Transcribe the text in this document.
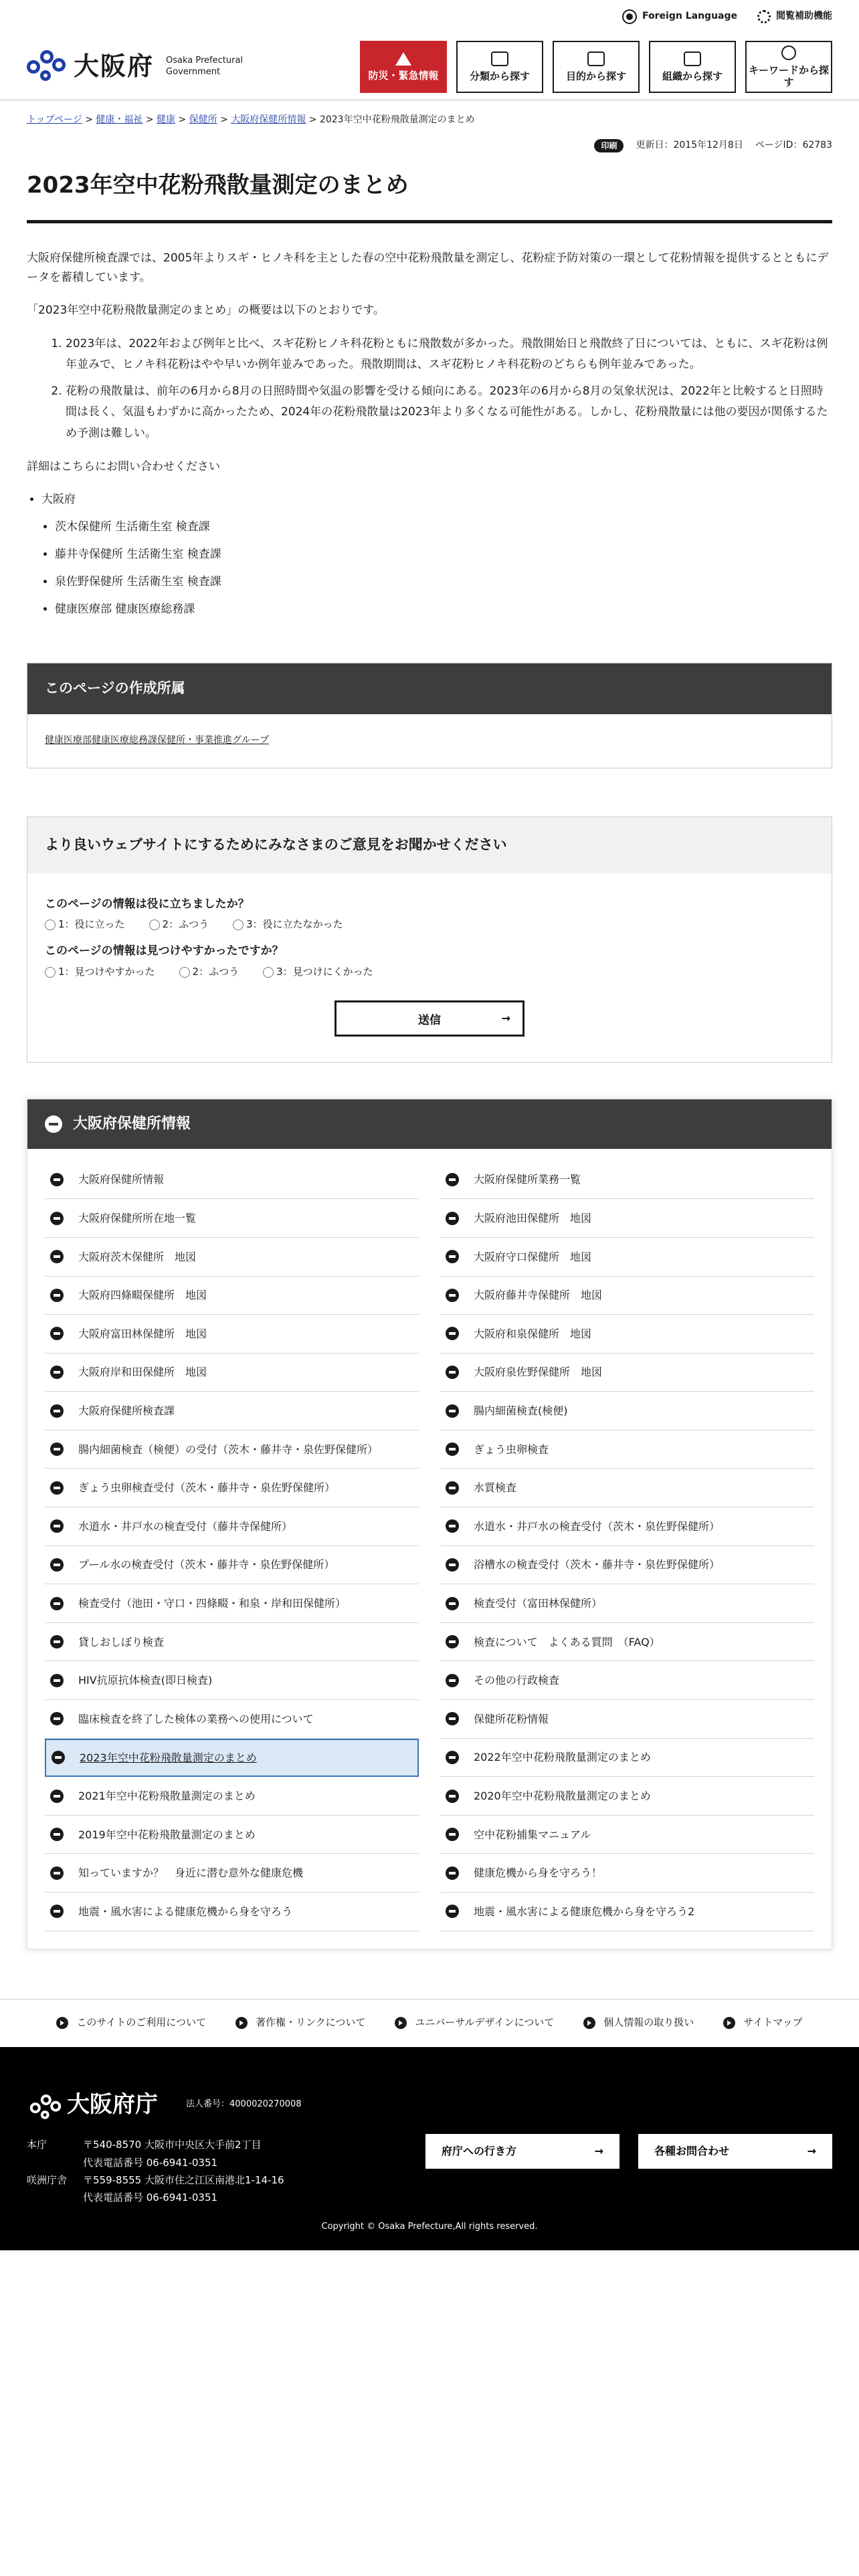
Foreign Language	閲覧補助機能
大阪府 Osaka Prefectural
Government	防災・緊急情報	分類から探す	目的から探す	組織から探す	キーワードから探す
トップページ > 健康・福祉 > 健康 > 保健所 > 大阪府保健所情報 > 2023年空中花粉飛散量測定のまとめ
印刷	更新日：2015年12月8日 ページID：62783
2023年空中花粉飛散量測定のまとめ

大阪府保健所検査課では、2005年よりスギ・ヒノキ科を主とした春の空中花粉飛散量を測定し、花粉症予防対策の一環として花粉情報を提供するとともにデータを蓄積しています。

「2023年空中花粉飛散量測定のまとめ」の概要は以下のとおりです。

1. 2023年は、2022年および例年と比べ、スギ花粉ヒノキ科花粉ともに飛散数が多かった。飛散開始日と飛散終了日については、ともに、スギ花粉は例年並みで、ヒノキ科花粉はやや早いか例年並みであった。飛散期間は、スギ花粉ヒノキ科花粉のどちらも例年並みであった。
2. 花粉の飛散量は、前年の6月から8月の日照時間や気温の影響を受ける傾向にある。2023年の6月から8月の気象状況は、2022年と比較すると日照時間は長く、気温もわずかに高かったため、2024年の花粉飛散量は2023年より多くなる可能性がある。しかし、花粉飛散量には他の要因が関係するため予測は難しい。

詳細はこちらにお問い合わせください

• 大阪府
• 茨木保健所 生活衛生室 検査課
• 藤井寺保健所 生活衛生室 検査課
• 泉佐野保健所 生活衛生室 検査課
• 健康医療部 健康医療総務課
このページの作成所属
健康医療部健康医療総務課保健所・事業推進グループ
より良いウェブサイトにするためにみなさまのご意見をお聞かせください
このページの情報は役に立ちましたか？
1：役に立った	2：ふつう	3：役に立たなかった
このページの情報は見つけやすかったですか？
1：見つけやすかった	2：ふつう	3：見つけにくかった
送信	→
大阪府保健所情報
大阪府保健所情報	大阪府保健所業務一覧
大阪府保健所所在地一覧	大阪府池田保健所　地図
大阪府茨木保健所　地図	大阪府守口保健所　地図
大阪府四條畷保健所　地図	大阪府藤井寺保健所　地図
大阪府富田林保健所　地図	大阪府和泉保健所　地図
大阪府岸和田保健所　地図	大阪府泉佐野保健所　地図
大阪府保健所検査課	腸内細菌検査(検便)
腸内細菌検査（検便）の受付（茨木・藤井寺・泉佐野保健所）	ぎょう虫卵検査
ぎょう虫卵検査受付（茨木・藤井寺・泉佐野保健所）	水質検査
水道水・井戸水の検査受付（藤井寺保健所）	水道水・井戸水の検査受付（茨木・泉佐野保健所）
プール水の検査受付（茨木・藤井寺・泉佐野保健所）	浴槽水の検査受付（茨木・藤井寺・泉佐野保健所）
検査受付（池田・守口・四條畷・和泉・岸和田保健所）	検査受付（富田林保健所）
貸しおしぼり検査	検査について　よくある質問　（FAQ）
HIV抗原抗体検査(即日検査)	その他の行政検査
臨床検査を終了した検体の業務への使用について	保健所花粉情報
2023年空中花粉飛散量測定のまとめ	2022年空中花粉飛散量測定のまとめ
2021年空中花粉飛散量測定のまとめ	2020年空中花粉飛散量測定のまとめ
2019年空中花粉飛散量測定のまとめ	空中花粉捕集マニュアル
知っていますか？　身近に潜む意外な健康危機	健康危機から身を守ろう！
地震・風水害による健康危機から身を守ろう	地震・風水害による健康危機から身を守ろう2
このサイトのご利用について	著作権・リンクについて	ユニバーサルデザインについて	個人情報の取り扱い	サイトマップ
大阪府庁	法人番号：4000020270008
本庁	〒540-8570 大阪市中央区大手前2丁目
代表電話番号 06-6941-0351
咲洲庁舎	〒559-8555 大阪市住之江区南港北1-14-16
代表電話番号 06-6941-0351
府庁への行き方	→	各種お問合わせ	→
Copyright © Osaka Prefecture,All rights reserved.
